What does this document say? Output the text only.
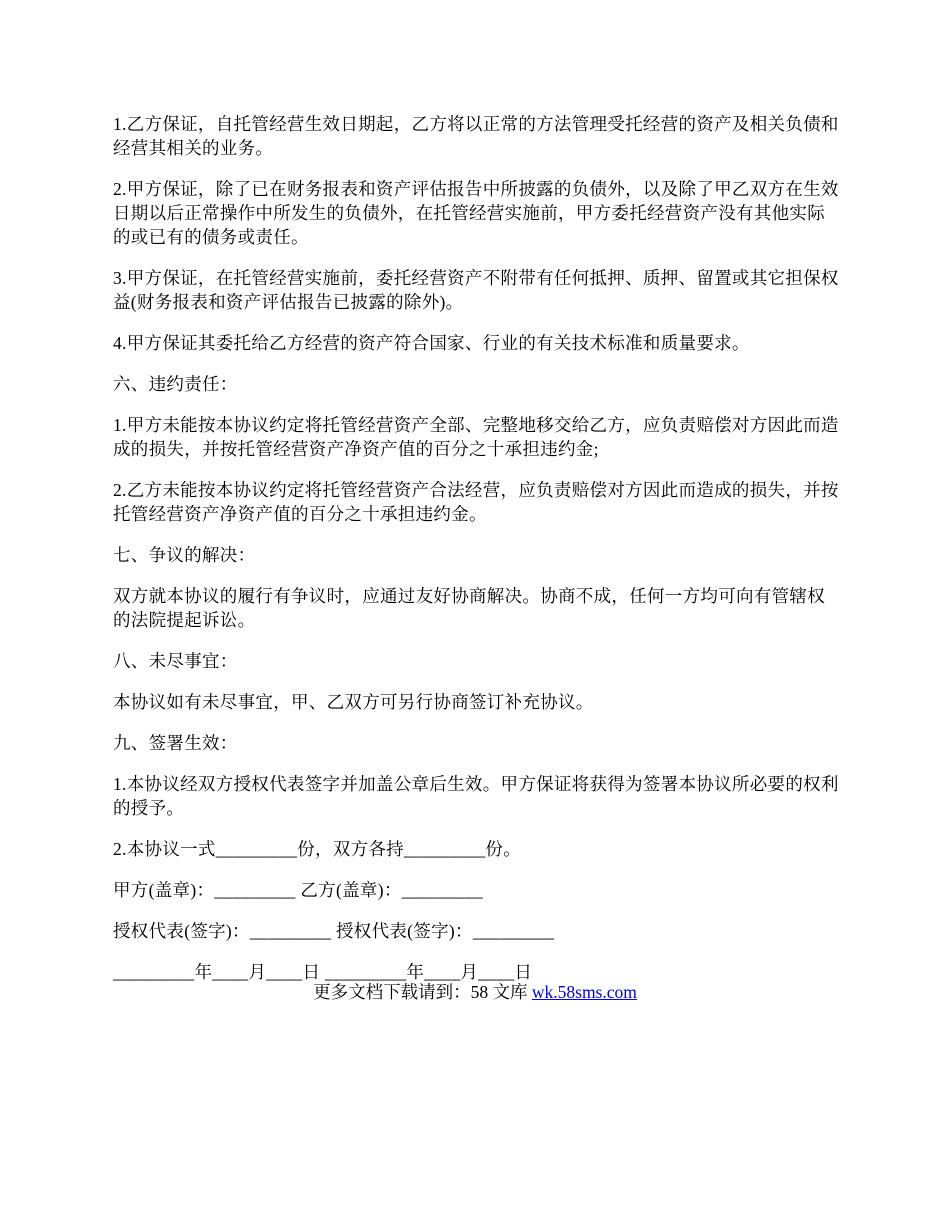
1.乙方保证，自托管经营生效日期起，乙方将以正常的方法管理受托经营的资产及相关负债和经营其相关的业务。

2.甲方保证，除了已在财务报表和资产评估报告中所披露的负债外，以及除了甲乙双方在生效日期以后正常操作中所发生的负债外，在托管经营实施前，甲方委托经营资产没有其他实际的或已有的债务或责任。

3.甲方保证，在托管经营实施前，委托经营资产不附带有任何抵押、质押、留置或其它担保权益(财务报表和资产评估报告已披露的除外)。

4.甲方保证其委托给乙方经营的资产符合国家、行业的有关技术标准和质量要求。

六、违约责任：

1.甲方未能按本协议约定将托管经营资产全部、完整地移交给乙方，应负责赔偿对方因此而造成的损失，并按托管经营资产净资产值的百分之十承担违约金;

2.乙方未能按本协议约定将托管经营资产合法经营，应负责赔偿对方因此而造成的损失，并按托管经营资产净资产值的百分之十承担违约金。

七、争议的解决：

双方就本协议的履行有争议时，应通过友好协商解决。协商不成，任何一方均可向有管辖权的法院提起诉讼。

八、未尽事宜：

本协议如有未尽事宜，甲、乙双方可另行协商签订补充协议。

九、签署生效：

1.本协议经双方授权代表签字并加盖公章后生效。甲方保证将获得为签署本协议所必要的权利的授予。

2.本协议一式_________份，双方各持_________份。

甲方(盖章)：_________ 乙方(盖章)：_________

授权代表(签字)：_________ 授权代表(签字)：_________

_________年____月____日 _________年____月____日

更多文档下载请到：58 文库 wk.58sms.com
